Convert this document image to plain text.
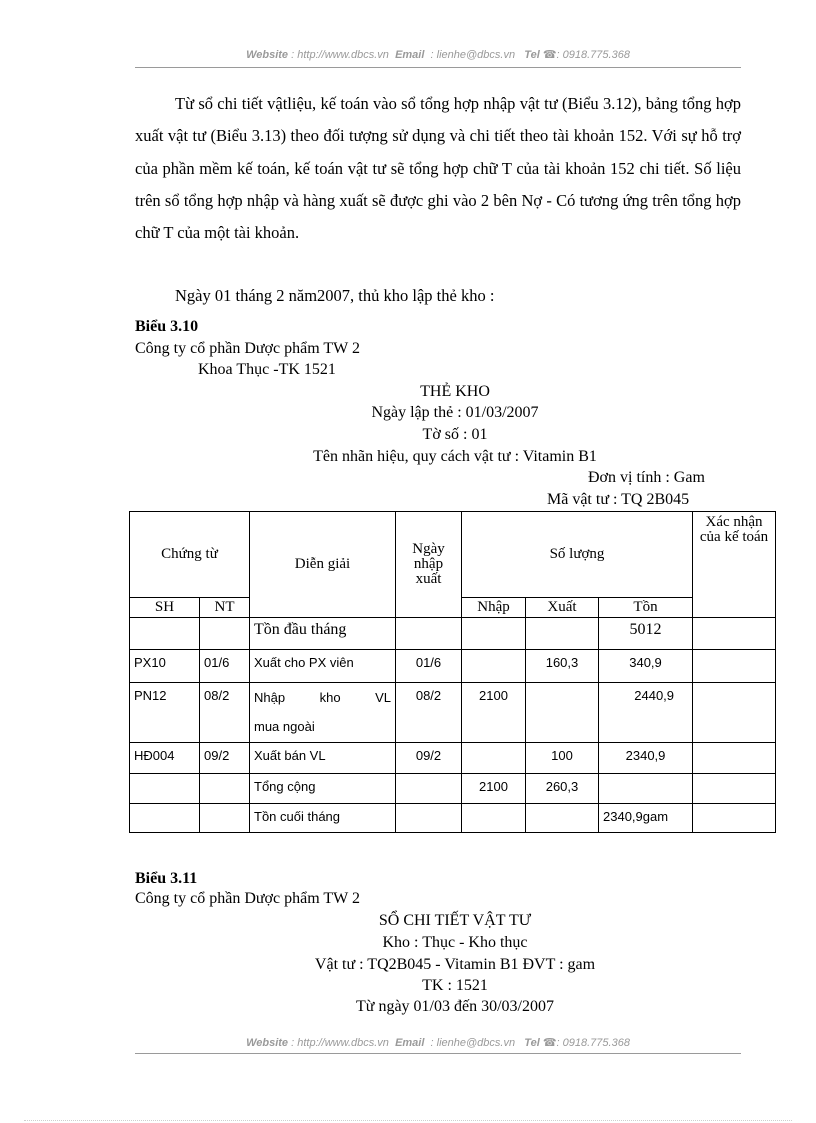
Website : http://www.dbcs.vn Email : lienhe@dbcs.vn Tel ☎: 0918.775.368
Từ sổ chi tiết vậtliệu, kế toán vào sổ tổng hợp nhập vật tư (Biểu 3.12), bảng tổng hợp xuất vật tư (Biểu 3.13) theo đối tượng sử dụng và chi tiết theo tài khoản 152. Với sự hỗ trợ của phần mềm kế toán, kế toán vật tư sẽ tổng hợp chữ T của tài khoản 152 chi tiết. Số liệu trên sổ tổng hợp nhập và hàng xuất sẽ được ghi vào 2 bên Nợ - Có tương ứng trên tổng hợp chữ T của một tài khoản.
Ngày 01 tháng 2 năm2007, thủ kho lập thẻ kho :
Biểu 3.10
Công ty cổ phần Dược phẩm TW 2
Khoa Thục -TK 1521
THẺ KHO
Ngày lập thẻ : 01/03/2007
Tờ số : 01
Tên nhãn hiệu, quy cách vật tư : Vitamin B1
Đơn vị tính : Gam
Mã vật tư : TQ 2B045
Chứng từ		Diễn giải	Ngày nhập xuất	Số lượng			Xác nhận của kế toán
SH	NT			Nhập	Xuất	Tồn	
		Tồn đầu tháng				5012	
PX10	01/6	Xuất cho PX viên	01/6		160,3	340,9	
PN12	08/2	Nhập kho VL
mua ngoài	08/2	2100		2440,9	
HĐ004	09/2	Xuất bán VL	09/2		100	2340,9	
		Tổng cộng		2100	260,3		
		Tồn cuối tháng				2340,9gam	
Biểu 3.11
Công ty cổ phần Dược phẩm TW 2
SỔ CHI TIẾT VẬT TƯ
Kho : Thục - Kho thục
Vật tư : TQ2B045 - Vitamin B1 ĐVT : gam
TK : 1521
Từ ngày 01/03 đến 30/03/2007
Website : http://www.dbcs.vn Email : lienhe@dbcs.vn Tel ☎: 0918.775.368
